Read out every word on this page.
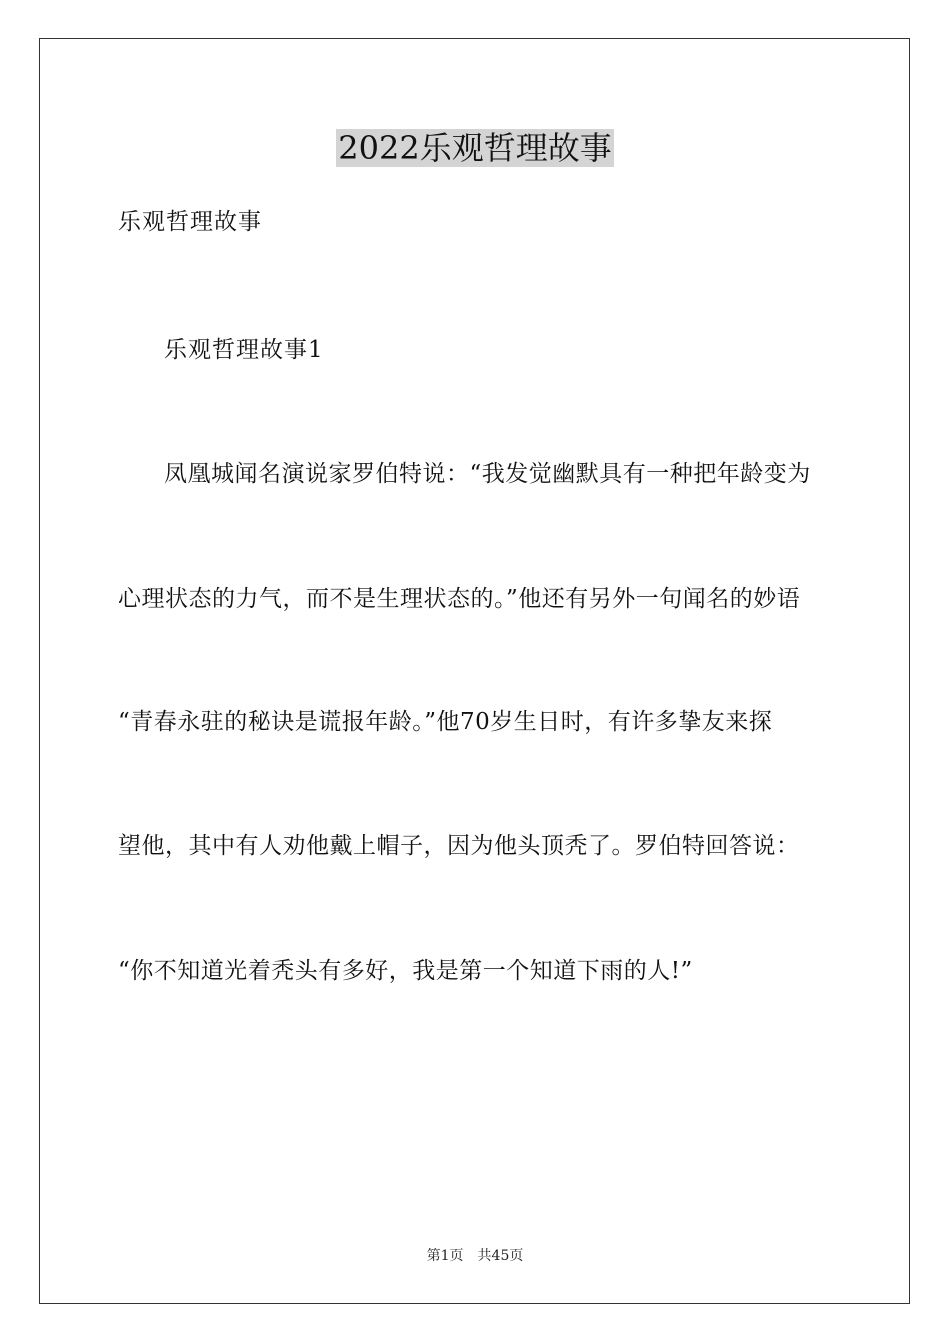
2022乐观哲理故事
乐观哲理故事
乐观哲理故事1
凤凰城闻名演说家罗伯特说：“我发觉幽默具有一种把年龄变为
心理状态的力气，而不是生理状态的。”他还有另外一句闻名的妙语
“青春永驻的秘诀是谎报年龄。”他70岁生日时，有许多挚友来探
望他，其中有人劝他戴上帽子，因为他头顶秃了。罗伯特回答说：
“你不知道光着秃头有多好，我是第一个知道下雨的人!”
第1页 共45页
